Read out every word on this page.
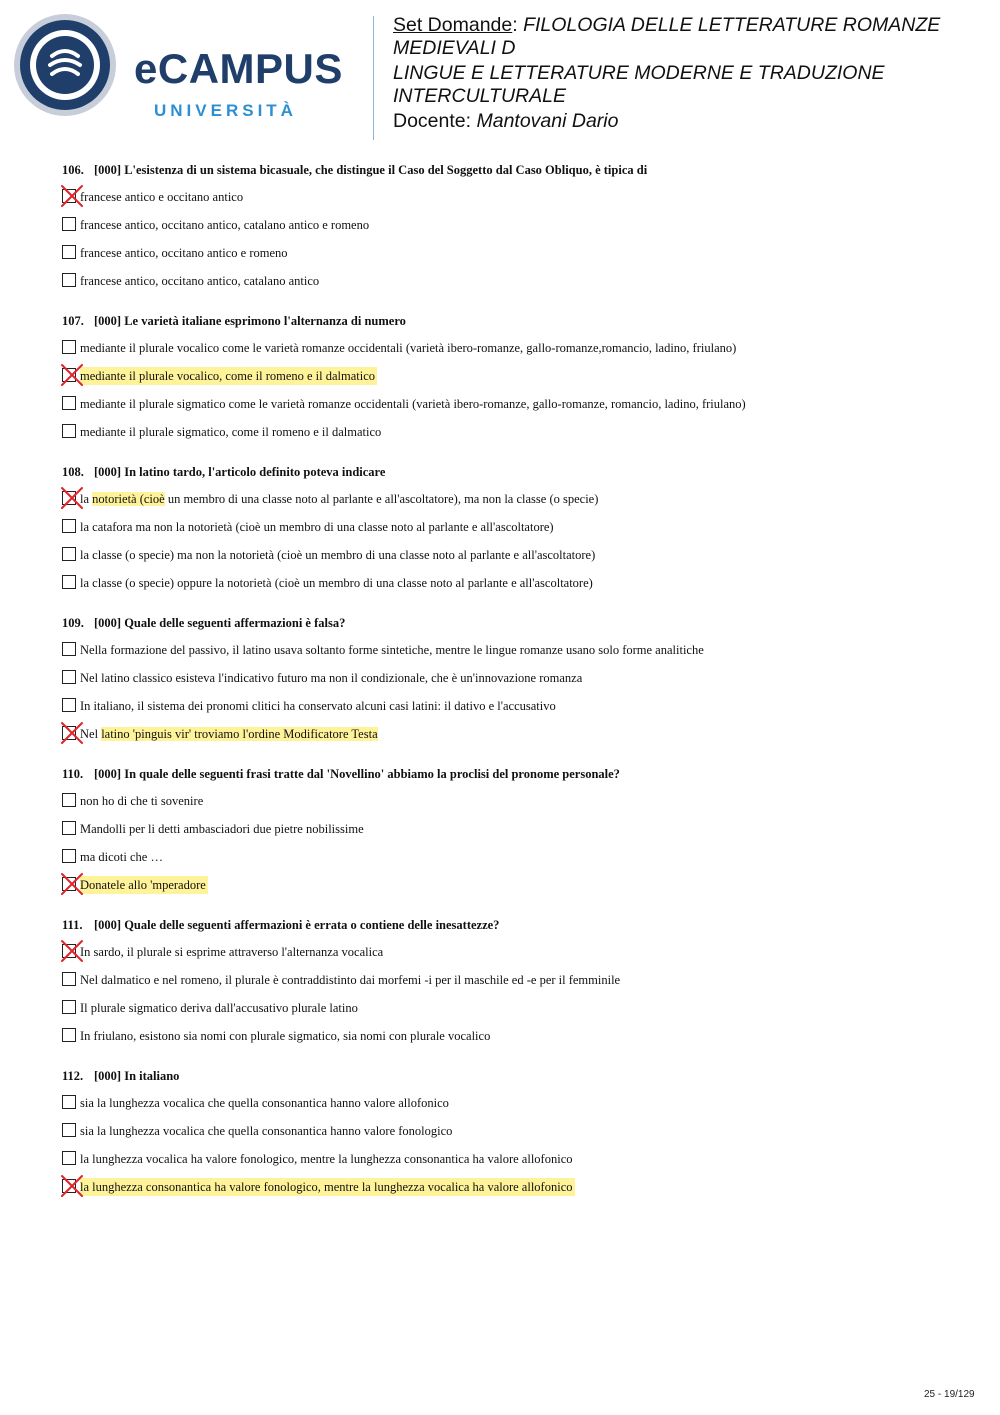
eCAMPUS
UNIVERSITÀ
Set Domande: FILOLOGIA DELLE LETTERATURE ROMANZE MEDIEVALI D
LINGUE E LETTERATURE MODERNE E TRADUZIONE INTERCULTURALE
Docente: Mantovani Dario
106. [000] L'esistenza di un sistema bicasuale, che distingue il Caso del Soggetto dal Caso Obliquo, è tipica di
francese antico e occitano antico
francese antico, occitano antico, catalano antico e romeno
francese antico, occitano antico e romeno
francese antico, occitano antico, catalano antico
107. [000] Le varietà italiane esprimono l'alternanza di numero
mediante il plurale vocalico come le varietà romanze occidentali (varietà ibero-romanze, gallo-romanze,romancio, ladino, friulano)
mediante il plurale vocalico, come il romeno e il dalmatico
mediante il plurale sigmatico come le varietà romanze occidentali (varietà ibero-romanze, gallo-romanze, romancio, ladino, friulano)
mediante il plurale sigmatico, come il romeno e il dalmatico
108. [000] In latino tardo, l'articolo definito poteva indicare
la notorietà (cioè un membro di una classe noto al parlante e all'ascoltatore), ma non la classe (o specie)
la catafora ma non la notorietà (cioè un membro di una classe noto al parlante e all'ascoltatore)
la classe (o specie) ma non la notorietà (cioè un membro di una classe noto al parlante e all'ascoltatore)
la classe (o specie) oppure la notorietà (cioè un membro di una classe noto al parlante e all'ascoltatore)
109. [000] Quale delle seguenti affermazioni è falsa?
Nella formazione del passivo, il latino usava soltanto forme sintetiche, mentre le lingue romanze usano solo forme analitiche
Nel latino classico esisteva l'indicativo futuro ma non il condizionale, che è un'innovazione romanza
In italiano, il sistema dei pronomi clitici ha conservato alcuni casi latini: il dativo e l'accusativo
Nel latino 'pinguis vir' troviamo l'ordine Modificatore Testa
110. [000] In quale delle seguenti frasi tratte dal 'Novellino' abbiamo la proclisi del pronome personale?
non ho di che ti sovenire
Mandolli per li detti ambasciadori due pietre nobilissime
ma dicoti che …
Donatele allo 'mperadore
111. [000] Quale delle seguenti affermazioni è errata o contiene delle inesattezze?
In sardo, il plurale si esprime attraverso l'alternanza vocalica
Nel dalmatico e nel romeno, il plurale è contraddistinto dai morfemi -i per il maschile ed -e per il femminile
Il plurale sigmatico deriva dall'accusativo plurale latino
In friulano, esistono sia nomi con plurale sigmatico, sia nomi con plurale vocalico
112. [000] In italiano
sia la lunghezza vocalica che quella consonantica hanno valore allofonico
sia la lunghezza vocalica che quella consonantica hanno valore fonologico
la lunghezza vocalica ha valore fonologico, mentre la lunghezza consonantica ha valore allofonico
la lunghezza consonantica ha valore fonologico, mentre la lunghezza vocalica ha valore allofonico
25 - 19/129
